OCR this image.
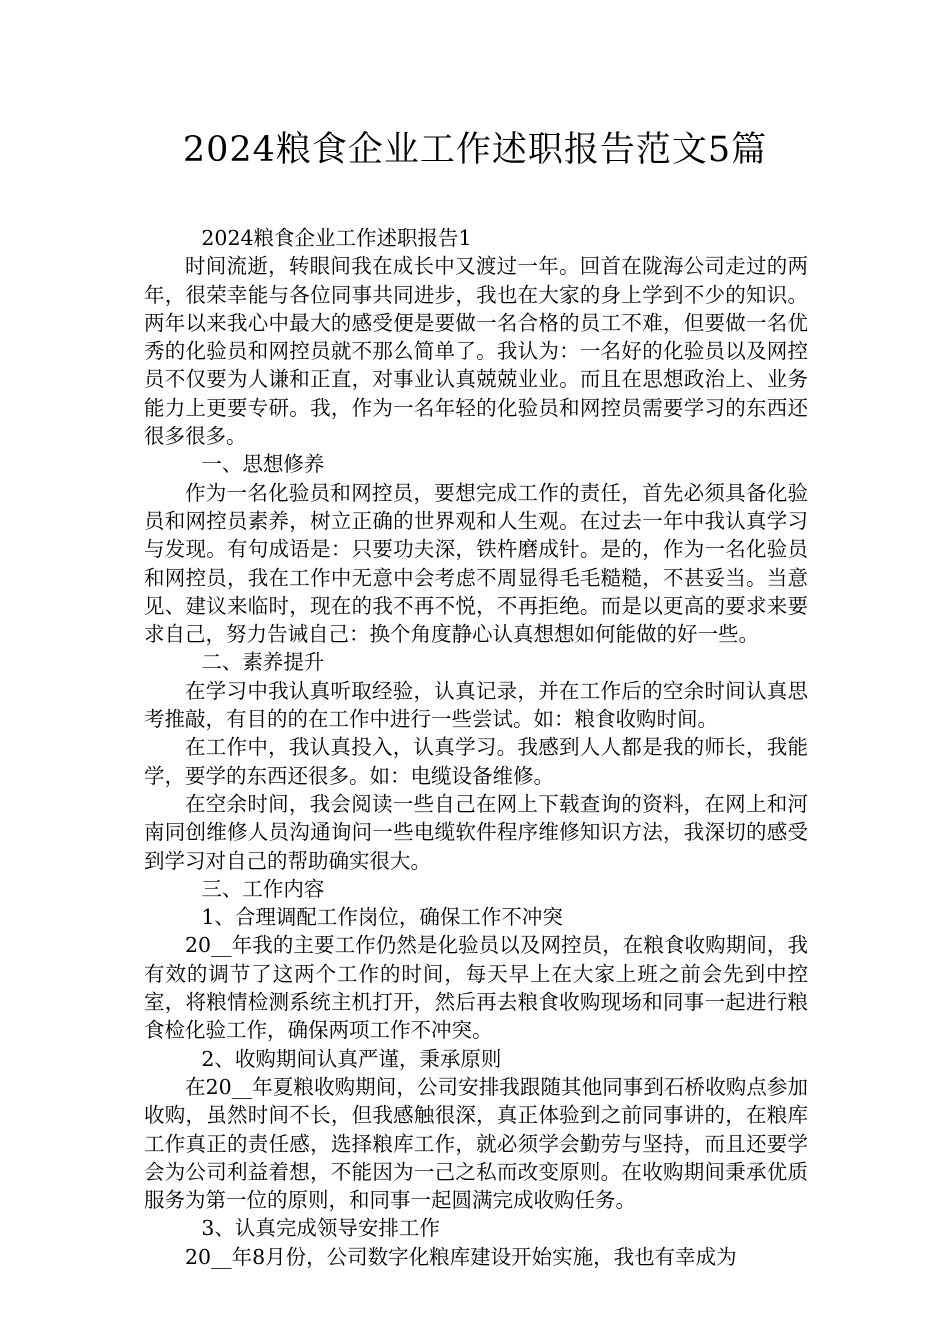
2024粮食企业工作述职报告范文5篇

2024粮食企业工作述职报告1

时间流逝，转眼间我在成长中又渡过一年。回首在陇海公司走过的两年，很荣幸能与各位同事共同进步，我也在大家的身上学到不少的知识。两年以来我心中最大的感受便是要做一名合格的员工不难，但要做一名优秀的化验员和网控员就不那么简单了。我认为：一名好的化验员以及网控员不仅要为人谦和正直，对事业认真兢兢业业。而且在思想政治上、业务能力上更要专研。我，作为一名年轻的化验员和网控员需要学习的东西还很多很多。

一、思想修养

作为一名化验员和网控员，要想完成工作的责任，首先必须具备化验员和网控员素养，树立正确的世界观和人生观。在过去一年中我认真学习与发现。有句成语是：只要功夫深，铁杵磨成针。是的，作为一名化验员和网控员，我在工作中无意中会考虑不周显得毛毛糙糙，不甚妥当。当意见、建议来临时，现在的我不再不悦，不再拒绝。而是以更高的要求来要求自己，努力告诫自己：换个角度静心认真想想如何能做的好一些。

二、素养提升

在学习中我认真听取经验，认真记录，并在工作后的空余时间认真思考推敲，有目的的在工作中进行一些尝试。如：粮食收购时间。

在工作中，我认真投入，认真学习。我感到人人都是我的师长，我能学，要学的东西还很多。如：电缆设备维修。

在空余时间，我会阅读一些自己在网上下载查询的资料，在网上和河南同创维修人员沟通询问一些电缆软件程序维修知识方法，我深切的感受到学习对自己的帮助确实很大。

三、工作内容

1、合理调配工作岗位，确保工作不冲突

20__年我的主要工作仍然是化验员以及网控员，在粮食收购期间，我有效的调节了这两个工作的时间，每天早上在大家上班之前会先到中控室，将粮情检测系统主机打开，然后再去粮食收购现场和同事一起进行粮食检化验工作，确保两项工作不冲突。

2、收购期间认真严谨，秉承原则

在20__年夏粮收购期间，公司安排我跟随其他同事到石桥收购点参加收购，虽然时间不长，但我感触很深，真正体验到之前同事讲的，在粮库工作真正的责任感，选择粮库工作，就必须学会勤劳与坚持，而且还要学会为公司利益着想，不能因为一己之私而改变原则。在收购期间秉承优质服务为第一位的原则，和同事一起圆满完成收购任务。

3、认真完成领导安排工作

20__年8月份，公司数字化粮库建设开始实施，我也有幸成为
